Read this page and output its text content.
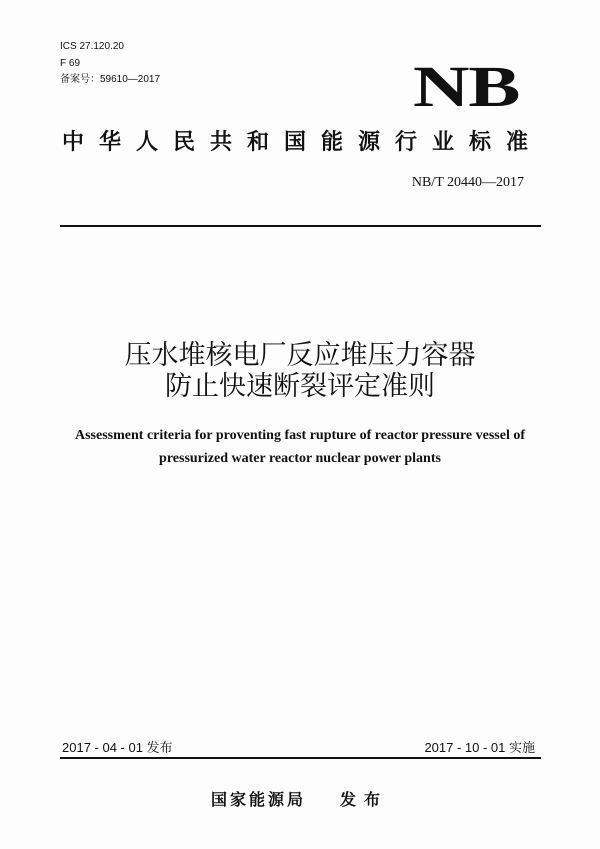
ICS 27.120.20
F 69
备案号：59610—2017	NB
中华人民共和国能源行业标准
NB/T 20440—2017
压水堆核电厂反应堆压力容器
防止快速断裂评定准则
Assessment criteria for proventing fast rupture of reactor pressure vessel of
pressurized water reactor nuclear power plants
2017 - 04 - 01 发布	2017 - 10 - 01 实施
国家能源局 发布
